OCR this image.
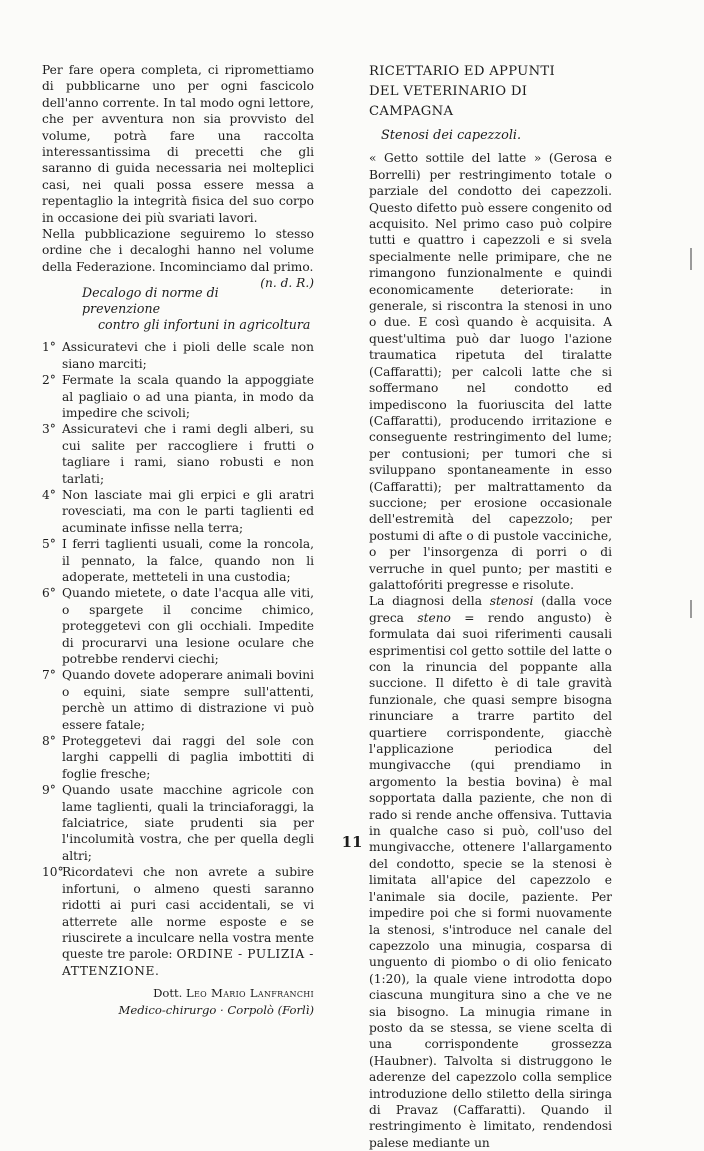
Per fare opera completa, ci ripromettiamo di pubblicarne uno per ogni fascicolo dell'anno corrente. In tal modo ogni lettore, che per avventura non sia provvisto del volume, potrà fare una raccolta interessantissima di precetti che gli saranno di guida necessaria nei molteplici casi, nei quali possa essere messa a repentaglio la integrità fisica del suo corpo in occasione dei più svariati lavori.

Nella pubblicazione seguiremo lo stesso ordine che i decaloghi hanno nel volume della Federazione. Incominciamo dal primo.
(n. d. R.)

Decalogo di norme di prevenzione
contro gli infortuni in agricoltura
1° Assicuratevi che i pioli delle scale non siano marciti;
2° Fermate la scala quando la appoggiate al pagliaio o ad una pianta, in modo da impedire che scivoli;
3° Assicuratevi che i rami degli alberi, su cui salite per raccogliere i frutti o tagliare i rami, siano robusti e non tarlati;
4° Non lasciate mai gli erpici e gli aratri rovesciati, ma con le parti taglienti ed acuminate infisse nella terra;
5° I ferri taglienti usuali, come la roncola, il pennato, la falce, quando non li adoperate, metteteli in una custodia;
6° Quando mietete, o date l'acqua alle viti, o spargete il concime chimico, proteggetevi con gli occhiali. Impedite di procurarvi una lesione oculare che potrebbe rendervi ciechi;
7° Quando dovete adoperare animali bovini o equini, siate sempre sull'attenti, perchè un attimo di distrazione vi può essere fatale;
8° Proteggetevi dai raggi del sole con larghi cappelli di paglia imbottiti di foglie fresche;
9° Quando usate macchine agricole con lame taglienti, quali la trinciaforaggi, la falciatrice, siate prudenti sia per l'incolumità vostra, che per quella degli altri;
10°
Ricordatevi che non avrete a subire infortuni, o almeno questi saranno ridotti ai puri casi accidentali, se vi atterrete alle norme esposte e se riuscirete a inculcare nella vostra mente queste tre parole: ORDINE - PULIZIA - ATTENZIONE.
Dott. Leo Mario Lanfranchi
Medico-chirurgo · Corpolò (Forlì)
RICETTARIO ED APPUNTI
DEL VETERINARIO DI CAMPAGNA

Stenosi dei capezzoli.

« Getto sottile del latte » (Gerosa e Borrelli) per restringimento totale o parziale del condotto dei capezzoli. Questo difetto può essere congenito od acquisito. Nel primo caso può colpire tutti e quattro i capezzoli e si svela specialmente nelle primipare, che ne rimangono funzionalmente e quindi economicamente deteriorate: in generale, si riscontra la stenosi in uno o due. E così quando è acquisita. A quest'ultima può dar luogo l'azione traumatica ripetuta del tiralatte (Caffaratti); per calcoli latte che si soffermano nel condotto ed impediscono la fuoriuscita del latte (Caffaratti), producendo irritazione e conseguente restringimento del lume; per contusioni; per tumori che si sviluppano spontaneamente in esso (Caffaratti); per maltrattamento da succione; per erosione occasionale dell'estremità del capezzolo; per postumi di afte o di pustole vacciniche, o per l'insorgenza di porri o di verruche in quel punto; per mastiti e galattofóriti pregresse e risolute.

La diagnosi della stenosi (dalla voce greca steno = rendo angusto) è formulata dai suoi riferimenti causali esprimentisi col getto sottile del latte o con la rinuncia del poppante alla succione. Il difetto è di tale gravità funzionale, che quasi sempre bisogna rinunciare a trarre partito del quartiere corrispondente, giacchè l'applicazione periodica del mungivacche (qui prendiamo in argomento la bestia bovina) è mal sopportata dalla paziente, che non di rado si rende anche offensiva. Tuttavia in qualche caso si può, coll'uso del mungivacche, ottenere l'allargamento del condotto, specie se la stenosi è limitata all'apice del capezzolo e l'animale sia docile, paziente. Per impedire poi che si formi nuovamente la stenosi, s'introduce nel canale del capezzolo una minugia, cosparsa di unguento di piombo o di olio fenicato (1:20), la quale viene introdotta dopo ciascuna mungitura sino a che ve ne sia bisogno. La minugia rimane in posto da se stessa, se viene scelta di una corrispondente grossezza (Haubner). Talvolta si distruggono le aderenze del capezzolo colla semplice introduzione dello stiletto della siringa di Pravaz (Caffaratti). Quando il restringimento è limitato, rendendosi palese mediante un

11
